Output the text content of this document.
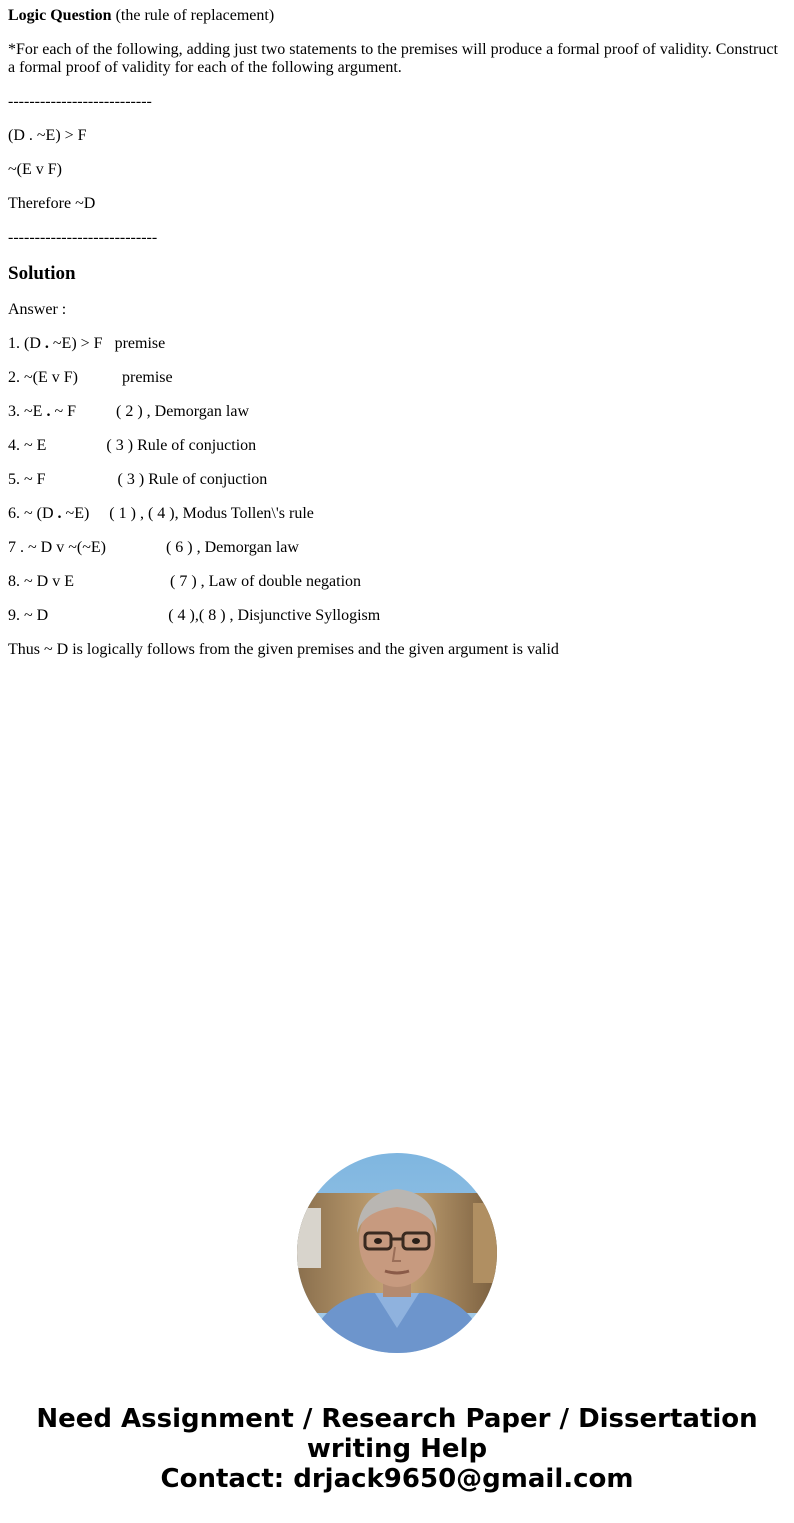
Logic Question (the rule of replacement)

*For each of the following, adding just two statements to the premises will produce a formal proof of validity. Construct a formal proof of validity for each of the following argument.

---------------------------

(D . ~E) > F

~(E v F)

Therefore ~D

----------------------------

Solution

Answer :

1. (D . ~E) > F   premise

2. ~(E v F)           premise

3. ~E . ~ F          ( 2 ) , Demorgan law

4. ~ E               ( 3 ) Rule of conjuction

5. ~ F                  ( 3 ) Rule of conjuction

6. ~ (D . ~E)     ( 1 ) , ( 4 ), Modus Tollen\'s rule

7 . ~ D v ~(~E)               ( 6 ) , Demorgan law

8. ~ D v E                        ( 7 ) , Law of double negation

9. ~ D                              ( 4 ),( 8 ) , Disjunctive Syllogism

Thus ~ D is logically follows from the given premises and the given argument is valid

Need Assignment / Research Paper / Dissertation
writing Help
Contact: drjack9650@gmail.com
